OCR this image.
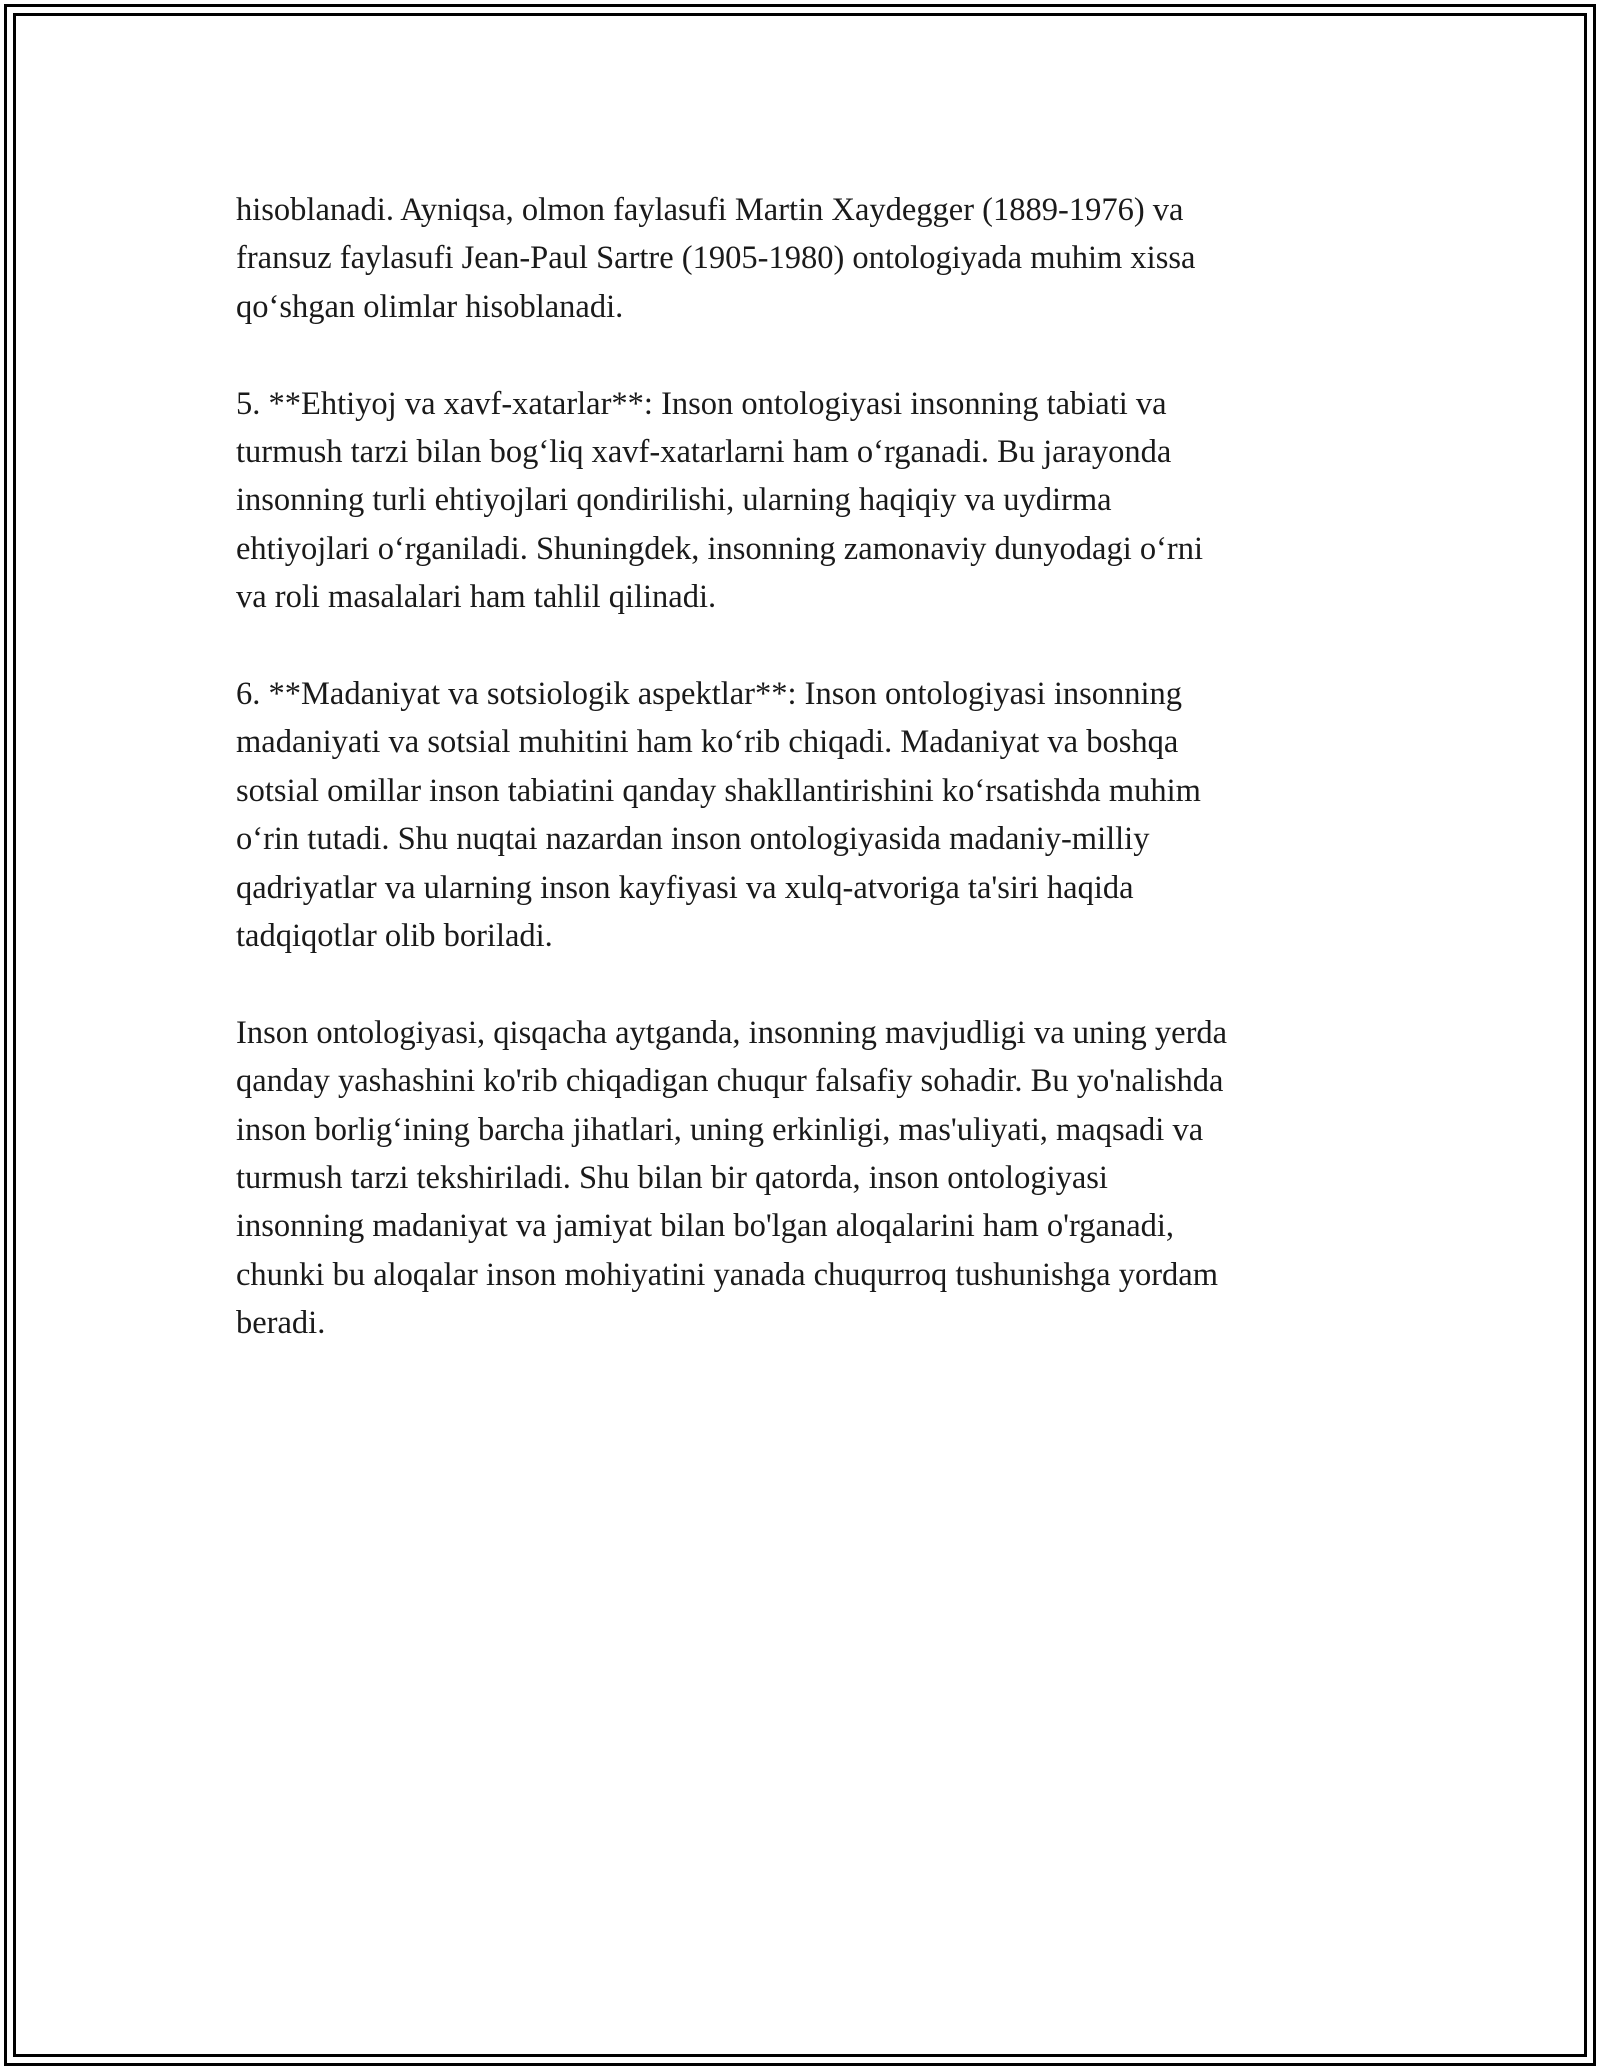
hisoblanadi. Ayniqsa, olmon faylasufi Martin Xaydegger (1889-1976) va
fransuz faylasufi Jean-Paul Sartre (1905-1980) ontologiyada muhim xissa
qo‘shgan olimlar hisoblanadi.

5. **Ehtiyoj va xavf-xatarlar**: Inson ontologiyasi insonning tabiati va
turmush tarzi bilan bog‘liq xavf-xatarlarni ham o‘rganadi. Bu jarayonda
insonning turli ehtiyojlari qondirilishi, ularning haqiqiy va uydirma
ehtiyojlari o‘rganiladi. Shuningdek, insonning zamonaviy dunyodagi o‘rni
va roli masalalari ham tahlil qilinadi.

6. **Madaniyat va sotsiologik aspektlar**: Inson ontologiyasi insonning
madaniyati va sotsial muhitini ham ko‘rib chiqadi. Madaniyat va boshqa
sotsial omillar inson tabiatini qanday shakllantirishini ko‘rsatishda muhim
o‘rin tutadi. Shu nuqtai nazardan inson ontologiyasida madaniy-milliy
qadriyatlar va ularning inson kayfiyasi va xulq-atvoriga ta'siri haqida
tadqiqotlar olib boriladi.

Inson ontologiyasi, qisqacha aytganda, insonning mavjudligi va uning yerda
qanday yashashini ko'rib chiqadigan chuqur falsafiy sohadir. Bu yo'nalishda
inson borlig‘ining barcha jihatlari, uning erkinligi, mas'uliyati, maqsadi va
turmush tarzi tekshiriladi. Shu bilan bir qatorda, inson ontologiyasi
insonning madaniyat va jamiyat bilan bo'lgan aloqalarini ham o'rganadi,
chunki bu aloqalar inson mohiyatini yanada chuqurroq tushunishga yordam
beradi.
